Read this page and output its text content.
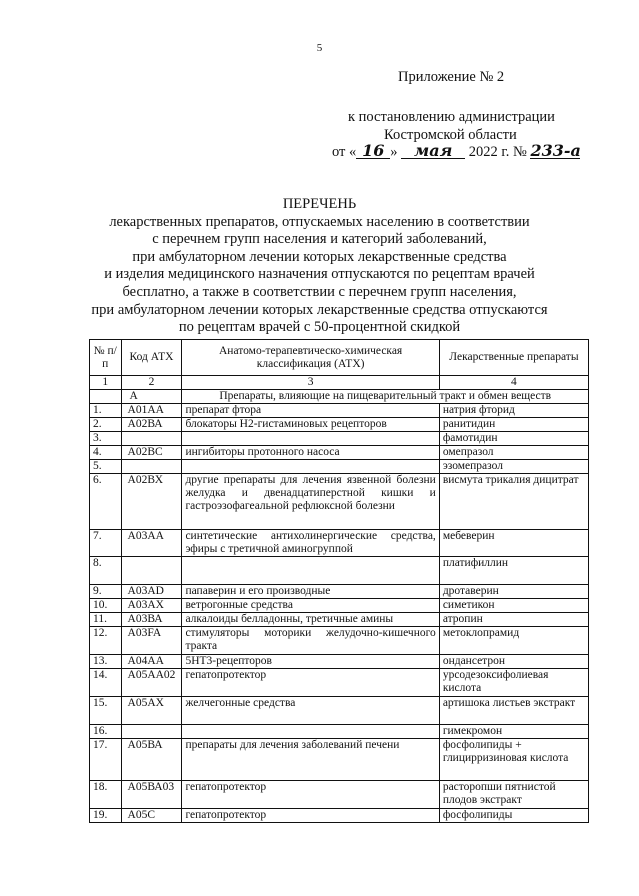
5
Приложение № 2
к постановлению администрации
Костромской области
от « 16 » мая 2022 г. № 233-а
ПЕРЕЧЕНЬ
лекарственных препаратов, отпускаемых населению в соответствии
с перечнем групп населения и категорий заболеваний,
при амбулаторном лечении которых лекарственные средства
и изделия медицинского назначения отпускаются по рецептам врачей
бесплатно, а также в соответствии с перечнем групп населения,
при амбулаторном лечении которых лекарственные средства отпускаются
по рецептам врачей с 50-процентной скидкой
№ п/п	Код АТХ	Анатомо-терапевтическо-химическая классификация (АТХ)	Лекарственные препараты
1	2	3	4
	А	Препараты, влияющие на пищеварительный тракт и обмен веществ	
1.	А01АА	препарат фтора	натрия фторид
2.	А02ВА	блокаторы Н2-гистаминовых рецепторов	ранитидин
3.			фамотидин
4.	А02ВС	ингибиторы протонного насоса	омепразол
5.			эзомепразол
6.	А02ВХ	другие препараты для лечения язвенной болезни желудка и двенадцатиперстной кишки и гастроэзофагеальной рефлюксной болезни	висмута трикалия дицитрат
7.	А03АА	синтетические антихолинергические средства, эфиры с третичной аминогруппой	мебеверин
8.			платифиллин
9.	А03AD	папаверин и его производные	дротаверин
10.	А03АХ	ветрогонные средства	симетикон
11.	А03ВА	алкалоиды белладонны, третичные амины	атропин
12.	A03FA	стимуляторы моторики желудочно-кишечного тракта	метоклопрамид
13.	А04АА	5НТ3-рецепторов	ондансетрон
14.	А05АА02	гепатопротектор	урсодезоксифолиевая кислота
15.	А05АХ	желчегонные средства	артишока листьев экстракт
16.			гимекромон
17.	А05ВА	препараты для лечения заболеваний печени	фосфолипиды + глицирризиновая кислота
18.	А05ВА03	гепатопротектор	расторопши пятнистой плодов экстракт
19.	А05С	гепатопротектор	фосфолипиды
